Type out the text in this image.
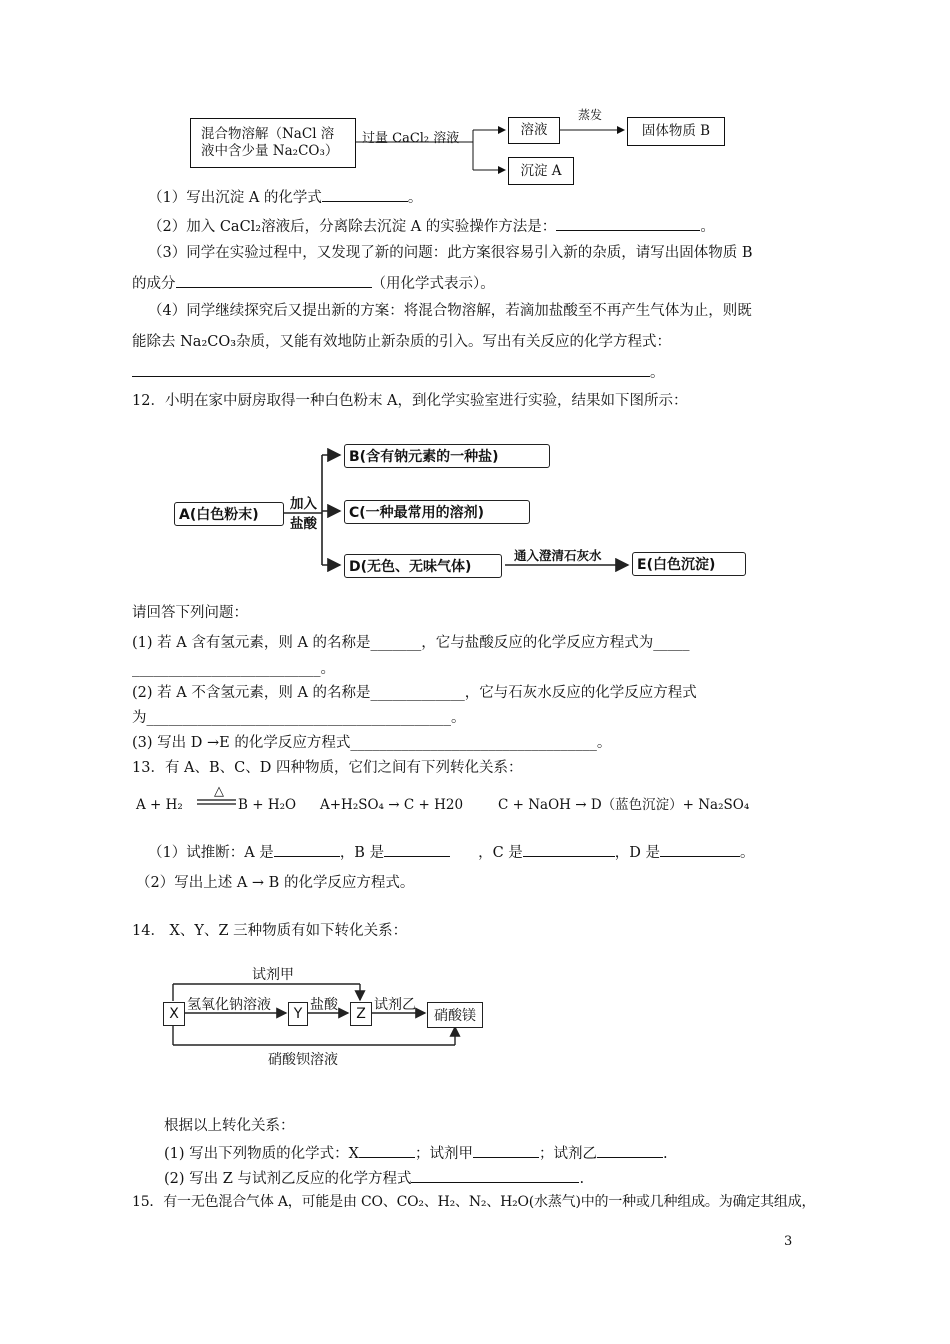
混合物溶解（NaCl 溶
液中含少量 Na₂CO₃）
过量 CaCl₂ 溶液
溶液
蒸发
固体物质 B
沉淀 A
（1）写出沉淀 A 的化学式	。
（2）加入 CaCl₂溶液后，分离除去沉淀 A 的实验操作方法是：	。
（3）同学在实验过程中，又发现了新的问题：此方案很容易引入新的杂质，请写出固体物质 B
的成分	（用化学式表示）。
（4）同学继续探究后又提出新的方案：将混合物溶解，若滴加盐酸至不再产生气体为止，则既
能除去 Na₂CO₃杂质，又能有效地防止新杂质的引入。写出有关反应的化学方程式：
。
12．小明在家中厨房取得一种白色粉末 A，到化学实验室进行实验，结果如下图所示：
A(白色粉末)
加入
盐酸
B(含有钠元素的一种盐)
C(一种最常用的溶剂)
D(无色、无味气体)
通入澄清石灰水
E(白色沉淀)
请回答下列问题：
(1) 若 A 含有氢元素，则 A 的名称是_______，它与盐酸反应的化学反应方程式为_____
__________________________。
(2) 若 A 不含氢元素，则 A 的名称是_____________，它与石灰水反应的化学反应方程式
为__________________________________________。
(3) 写出 D →E 的化学反应方程式__________________________________。
13．有 A、B、C、D 四种物质，它们之间有下列转化关系：
A + H₂
△
B + H₂O A+H₂SO₄ → C + H20	C + NaOH → D（蓝色沉淀）+ Na₂SO₄
（1）试推断：A 是	，B 是	，C 是	，D 是	。
（2）写出上述 A → B 的化学反应方程式。
14． X、Y、Z 三种物质有如下转化关系：
试剂甲
X
氢氧化钠溶液
Y
盐酸
Z
试剂乙
硝酸镁
硝酸钡溶液
根据以上转化关系：
(1) 写出下列物质的化学式：X	；试剂甲	；试剂乙	.
(2) 写出 Z 与试剂乙反应的化学方程式	.
15．有一无色混合气体 A，可能是由 CO、CO₂、H₂、N₂、H₂O(水蒸气)中的一种或几种组成。为确定其组成，
3
